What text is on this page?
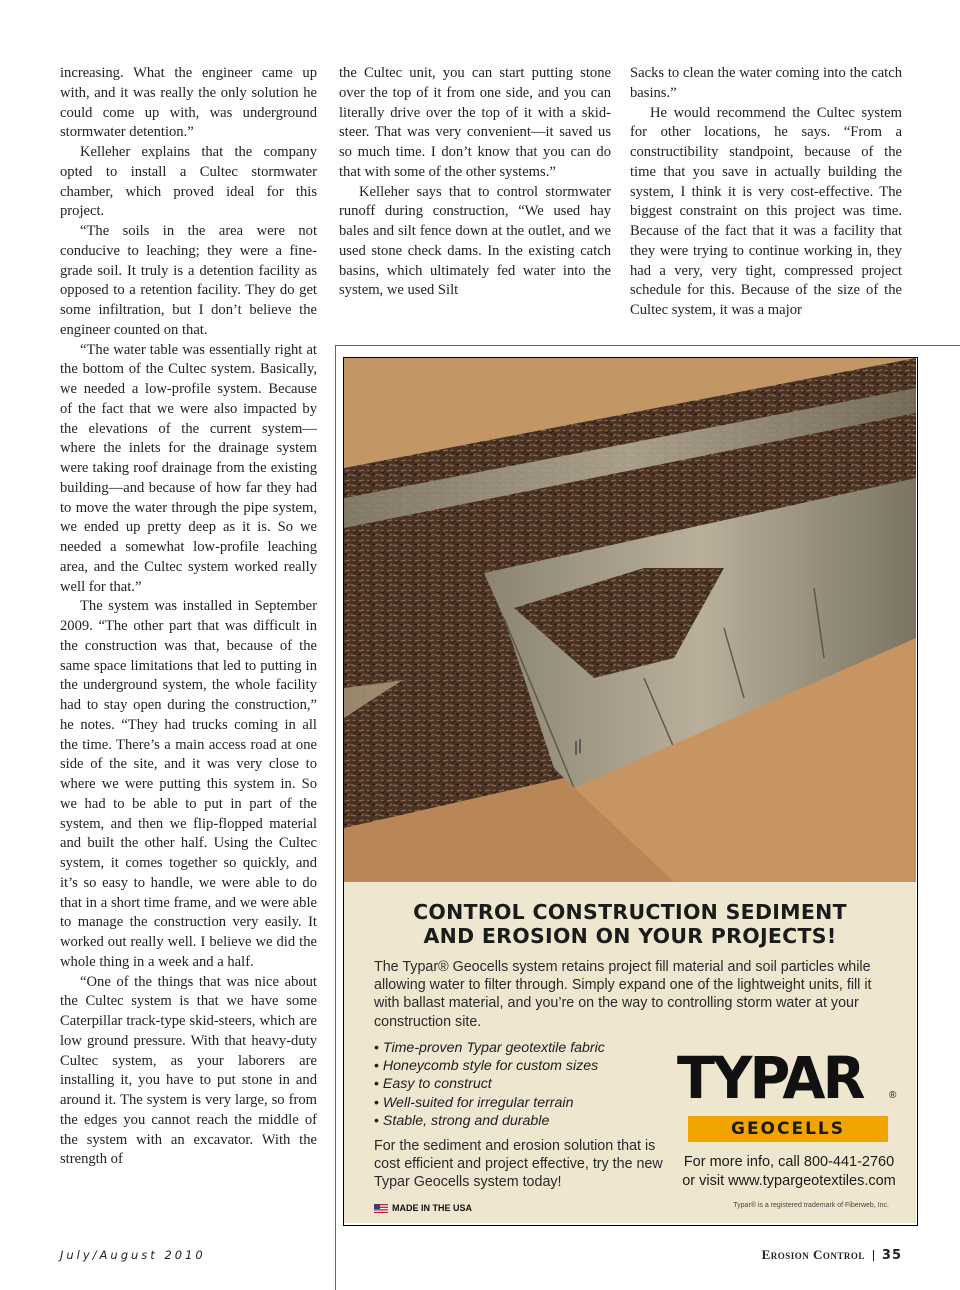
increasing. What the engineer came up with, and it was really the only solution he could come up with, was underground stormwater detention.”

Kelleher explains that the company opted to install a Cultec stormwater chamber, which proved ideal for this project.

“The soils in the area were not conducive to leaching; they were a fine-grade soil. It truly is a detention facility as opposed to a retention facility. They do get some infiltration, but I don’t believe the engineer counted on that.

“The water table was essentially right at the bottom of the Cultec system. Basically, we needed a low-profile system. Because of the fact that we were also impacted by the elevations of the current system—where the inlets for the drainage system were taking roof drainage from the existing building—and because of how far they had to move the water through the pipe system, we ended up pretty deep as it is. So we needed a somewhat low-profile leaching area, and the Cultec system worked really well for that.”

The system was installed in September 2009. “The other part that was difficult in the construction was that, because of the same space limitations that led to putting in the underground system, the whole facility had to stay open during the construction,” he notes. “They had trucks coming in all the time. There’s a main access road at one side of the site, and it was very close to where we were putting this system in. So we had to be able to put in part of the system, and then we flip-flopped material and built the other half. Using the Cultec system, it comes together so quickly, and it’s so easy to handle, we were able to do that in a short time frame, and we were able to manage the construction very easily. It worked out really well. I believe we did the whole thing in a week and a half.

“One of the things that was nice about the Cultec system is that we have some Caterpillar track-type skid-steers, which are low ground pressure. With that heavy-duty Cultec system, as your laborers are installing it, you have to put stone in and around it. The system is very large, so from the edges you cannot reach the middle of the system with an excavator. With the strength of

the Cultec unit, you can start putting stone over the top of it from one side, and you can literally drive over the top of it with a skid-steer. That was very convenient—it saved us so much time. I don’t know that you can do that with some of the other systems.”

Kelleher says that to control stormwater runoff during construction, “We used hay bales and silt fence down at the outlet, and we used stone check dams. In the existing catch basins, which ultimately fed water into the system, we used Silt

Sacks to clean the water coming into the catch basins.”

He would recommend the Cultec system for other locations, he says. “From a constructibility standpoint, because of the time that you save in actually building the system, I think it is very cost-effective. The biggest constraint on this project was time. Because of the fact that it was a facility that they were trying to continue working in, they had a very, very tight, compressed project schedule for this. Because of the size of the Cultec system, it was a major

CONTROL CONSTRUCTION SEDIMENT
AND EROSION ON YOUR PROJECTS!
The Typar® Geocells system retains project fill material and soil particles while allowing water to filter through. Simply expand one of the lightweight units, fill it with ballast material, and you’re on the way to controlling storm water at your construction site.
• Time-proven Typar geotextile fabric
• Honeycomb style for custom sizes
• Easy to construct
• Well-suited for irregular terrain
• Stable, strong and durable
For the sediment and erosion solution that is cost efficient and project effective, try the new Typar Geocells system today!
MADE IN THE USA
TYPAR	®
GEOCELLS
For more info, call 800-441-2760
or visit www.typargeotextiles.com
Typar® is a registered trademark of Fiberweb, Inc.
July/August 2010	Erosion Control 35
